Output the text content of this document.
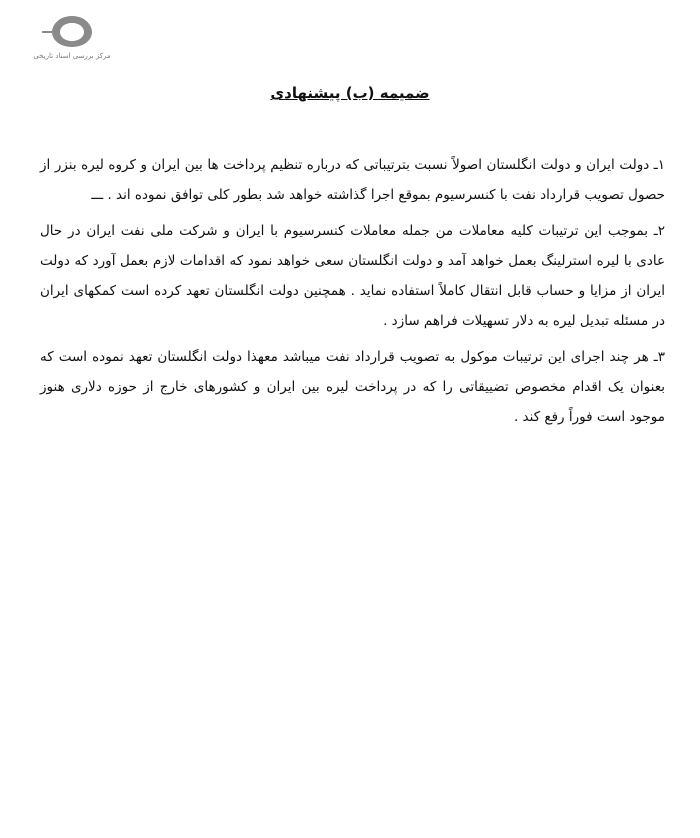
مرکز بررسی اسناد تاریخی
ضمیمه (ب) پیشنهادی

۱ـ دولت ایران و دولت انگلستان اصولاً نسبت بترتیباتی که درباره تنظیم پرداخت ها بین ایران و کروه لیره بنزر از حصول تصویب قرارداد نفت با کنسرسیوم بموقع اجرا گذاشته خواهد شد بطور کلی توافق نموده اند . ـــ

۲ـ بموجب این ترتیبات کلیه معاملات من جمله معاملات کنسرسیوم با ایران و شرکت ملی نفت ایران در حال عادی با لیره استرلینگ بعمل خواهد آمد و دولت انگلستان سعی خواهد نمود که اقدامات لازم بعمل آورد که دولت ایران از مزایا و حساب قابل انتقال کاملاً استفاده نماید . همچنین دولت انگلستان تعهد کرده است کمکهای ایران در مسئله تبدیل لیره به دلار تسهیلات فراهم سازد .

۳ـ هر چند اجرای این ترتیبات موکول به تصویب قرارداد نفت میباشد معهذا دولت انگلستان تعهد نموده است که بعنوان یک اقدام مخصوص تضییقاتی را که در پرداخت لیره بین ایران و کشورهای خارج از حوزه دلاری هنوز موجود است فوراً رفع کند .
